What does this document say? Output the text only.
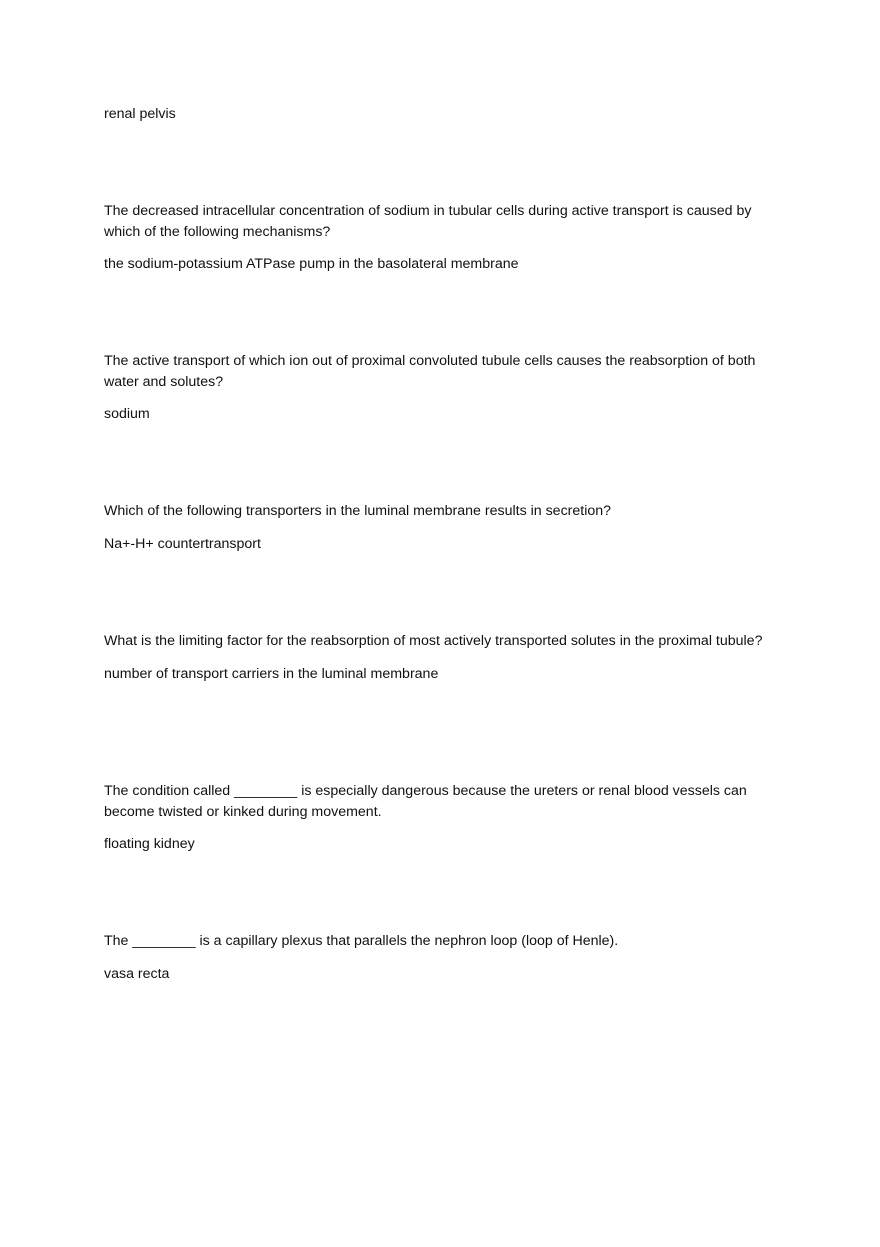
renal pelvis

The decreased intracellular concentration of sodium in tubular cells during active transport is caused by which of the following mechanisms?

the sodium-potassium ATPase pump in the basolateral membrane

The active transport of which ion out of proximal convoluted tubule cells causes the reabsorption of both water and solutes?

sodium

Which of the following transporters in the luminal membrane results in secretion?

Na+-H+ countertransport

What is the limiting factor for the reabsorption of most actively transported solutes in the proximal tubule?

number of transport carriers in the luminal membrane

The condition called ________ is especially dangerous because the ureters or renal blood vessels can become twisted or kinked during movement.

floating kidney

The ________ is a capillary plexus that parallels the nephron loop (loop of Henle).

vasa recta
